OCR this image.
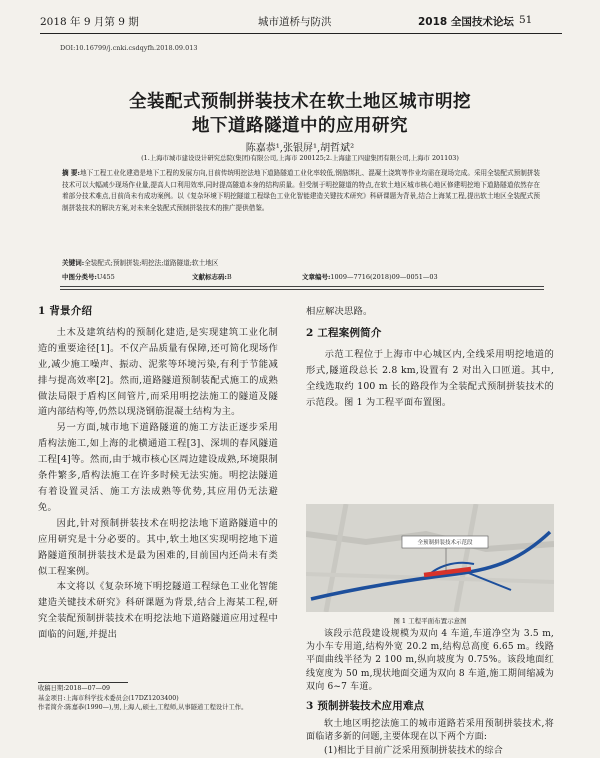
2018 年 9 月第 9 期	城市道桥与防洪	2018 全国技术论坛 51
DOI:10.16799/j.cnki.csdqyfh.2018.09.013
全装配式预制拼装技术在软土地区城市明挖
地下道路隧道中的应用研究
陈嘉恭¹,张银屏¹,胡哲斌²
(1.上海市城市建设设计研究总院(集团)有限公司,上海市 200125;2.上海建工四建集团有限公司,上海市 201103)
摘 要:地下工程工业化建造是地下工程的发展方向,目前传统明挖法地下道路隧道工业化率较低,钢筋绑扎、混凝土浇筑等作业均需在现场完成。采用全装配式预制拼装技术可以大幅减少现场作业量,提高人口利用效率,同时提高隧道本身的结构质量。但受制于明挖隧道的特点,在软土地区城市核心地区修建明挖地下道路隧道依然存在着部分技术难点,目前尚未有成功案例。以《复杂环境下明挖隧道工程绿色工业化智能建造关键技术研究》科研课题为背景,结合上海某工程,提出软土地区全装配式预制拼装技术的解决方案,对未来全装配式预制拼装技术的推广提供借鉴。
关键词:全装配式;预制拼装;明挖法;道路隧道;软土地区
中图分类号:U455	文献标志码:B	文章编号:1009—7716(2018)09—0051—03
1 背景介绍

土木及建筑结构的预制化建造,是实现建筑工业化制造的重要途径[1]。不仅产品质量有保障,还可简化现场作业,减少施工噪声、振动、泥浆等环境污染,有利于节能减排与提高效率[2]。然而,道路隧道预制装配式施工的成熟做法局限于盾构区间管片,而采用明挖法施工的隧道及隧道内部结构等,仍然以现浇钢筋混凝土结构为主。

另一方面,城市地下道路隧道的施工方法正逐步采用盾构法施工,如上海的北横通道工程[3]、深圳的春风隧道工程[4]等。然而,由于城市核心区周边建设成熟,环境限制条件繁多,盾构法施工在许多时候无法实施。明挖法隧道有着设置灵活、施工方法成熟等优势,其应用仍无法避免。

因此,针对预制拼装技术在明挖法地下道路隧道中的应用研究是十分必要的。其中,软土地区实现明挖地下道路隧道预制拼装技术是最为困难的,目前国内还尚未有类似工程案例。

本文将以《复杂环境下明挖隧道工程绿色工业化智能建造关键技术研究》科研课题为背景,结合上海某工程,研究全装配预制拼装技术在明挖法地下道路隧道应用过程中面临的问题,并提出

收稿日期:2018—07—09
基金项目:上海市科学技术委员会(17DZ1203400)
作者简介:陈嘉恭(1990—),男,上海人,硕士,工程师,从事隧道工程设计工作。
相应解决思路。
2 工程案例简介

示范工程位于上海市中心城区内,全线采用明挖地道的形式,隧道段总长 2.8 km,设置有 2 对出入口匝道。其中,全线选取约 100 m 长的路段作为全装配式预制拼装技术的示范段。图 1 为工程平面布置图。

全预制拼装技术示范段
图 1 工程平面布置示意图

该段示范段建设规模为双向 4 车道,车道净空为 3.5 m,为小车专用道,结构外宽 20.2 m,结构总高度 6.65 m。线路平面曲线半径为 2 100 m,纵向坡度为 0.75%。该段地面红线宽度为 50 m,现状地面交通为双向 8 车道,施工期间缩减为双向 6~7 车道。

3 预制拼装技术应用难点

软土地区明挖法施工的城市道路若采用预制拼装技术,将面临诸多新的问题,主要体现在以下两个方面:

(1)相比于目前广泛采用预制拼装技术的综合
